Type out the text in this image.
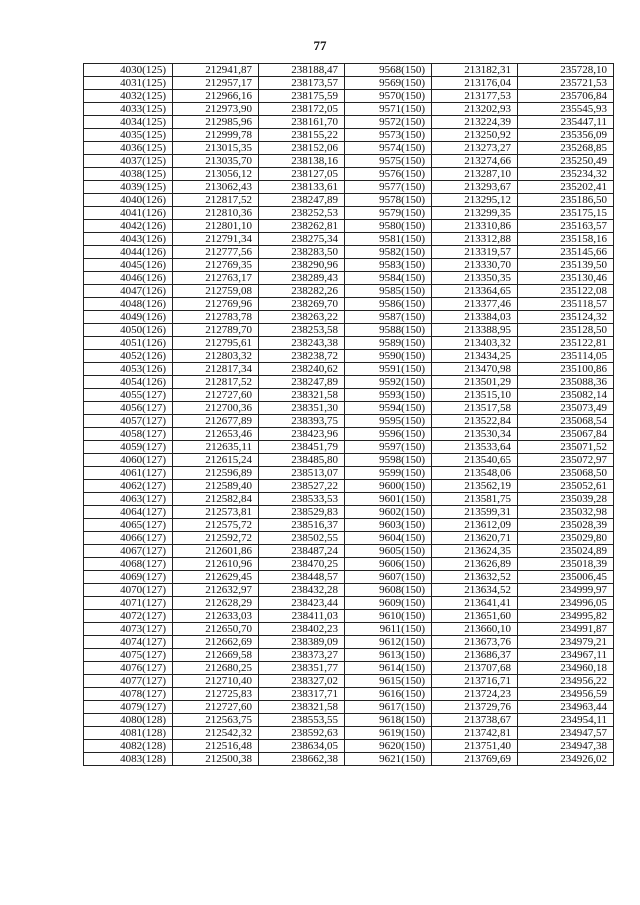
77
4030(125)	212941,87	238188,47	9568(150)	213182,31	235728,10
4031(125)	212957,17	238173,57	9569(150)	213176,04	235721,53
4032(125)	212966,16	238175,59	9570(150)	213177,53	235706,84
4033(125)	212973,90	238172,05	9571(150)	213202,93	235545,93
4034(125)	212985,96	238161,70	9572(150)	213224,39	235447,11
4035(125)	212999,78	238155,22	9573(150)	213250,92	235356,09
4036(125)	213015,35	238152,06	9574(150)	213273,27	235268,85
4037(125)	213035,70	238138,16	9575(150)	213274,66	235250,49
4038(125)	213056,12	238127,05	9576(150)	213287,10	235234,32
4039(125)	213062,43	238133,61	9577(150)	213293,67	235202,41
4040(126)	212817,52	238247,89	9578(150)	213295,12	235186,50
4041(126)	212810,36	238252,53	9579(150)	213299,35	235175,15
4042(126)	212801,10	238262,81	9580(150)	213310,86	235163,57
4043(126)	212791,34	238275,34	9581(150)	213312,88	235158,16
4044(126)	212777,56	238283,50	9582(150)	213319,57	235145,66
4045(126)	212769,35	238290,96	9583(150)	213330,70	235139,50
4046(126)	212763,17	238289,43	9584(150)	213350,35	235130,46
4047(126)	212759,08	238282,26	9585(150)	213364,65	235122,08
4048(126)	212769,96	238269,70	9586(150)	213377,46	235118,57
4049(126)	212783,78	238263,22	9587(150)	213384,03	235124,32
4050(126)	212789,70	238253,58	9588(150)	213388,95	235128,50
4051(126)	212795,61	238243,38	9589(150)	213403,32	235122,81
4052(126)	212803,32	238238,72	9590(150)	213434,25	235114,05
4053(126)	212817,34	238240,62	9591(150)	213470,98	235100,86
4054(126)	212817,52	238247,89	9592(150)	213501,29	235088,36
4055(127)	212727,60	238321,58	9593(150)	213515,10	235082,14
4056(127)	212700,36	238351,30	9594(150)	213517,58	235073,49
4057(127)	212677,89	238393,75	9595(150)	213522,84	235068,54
4058(127)	212653,46	238423,96	9596(150)	213530,34	235067,84
4059(127)	212635,11	238451,79	9597(150)	213533,64	235071,52
4060(127)	212615,24	238485,80	9598(150)	213540,65	235072,97
4061(127)	212596,89	238513,07	9599(150)	213548,06	235068,50
4062(127)	212589,40	238527,22	9600(150)	213562,19	235052,61
4063(127)	212582,84	238533,53	9601(150)	213581,75	235039,28
4064(127)	212573,81	238529,83	9602(150)	213599,31	235032,98
4065(127)	212575,72	238516,37	9603(150)	213612,09	235028,39
4066(127)	212592,72	238502,55	9604(150)	213620,71	235029,80
4067(127)	212601,86	238487,24	9605(150)	213624,35	235024,89
4068(127)	212610,96	238470,25	9606(150)	213626,89	235018,39
4069(127)	212629,45	238448,57	9607(150)	213632,52	235006,45
4070(127)	212632,97	238432,28	9608(150)	213634,52	234999,97
4071(127)	212628,29	238423,44	9609(150)	213641,41	234996,05
4072(127)	212633,03	238411,03	9610(150)	213651,60	234995,82
4073(127)	212650,70	238402,23	9611(150)	213660,10	234991,87
4074(127)	212662,69	238389,09	9612(150)	213673,76	234979,21
4075(127)	212669,58	238373,27	9613(150)	213686,37	234967,11
4076(127)	212680,25	238351,77	9614(150)	213707,68	234960,18
4077(127)	212710,40	238327,02	9615(150)	213716,71	234956,22
4078(127)	212725,83	238317,71	9616(150)	213724,23	234956,59
4079(127)	212727,60	238321,58	9617(150)	213729,76	234963,44
4080(128)	212563,75	238553,55	9618(150)	213738,67	234954,11
4081(128)	212542,32	238592,63	9619(150)	213742,81	234947,57
4082(128)	212516,48	238634,05	9620(150)	213751,40	234947,38
4083(128)	212500,38	238662,38	9621(150)	213769,69	234926,02
